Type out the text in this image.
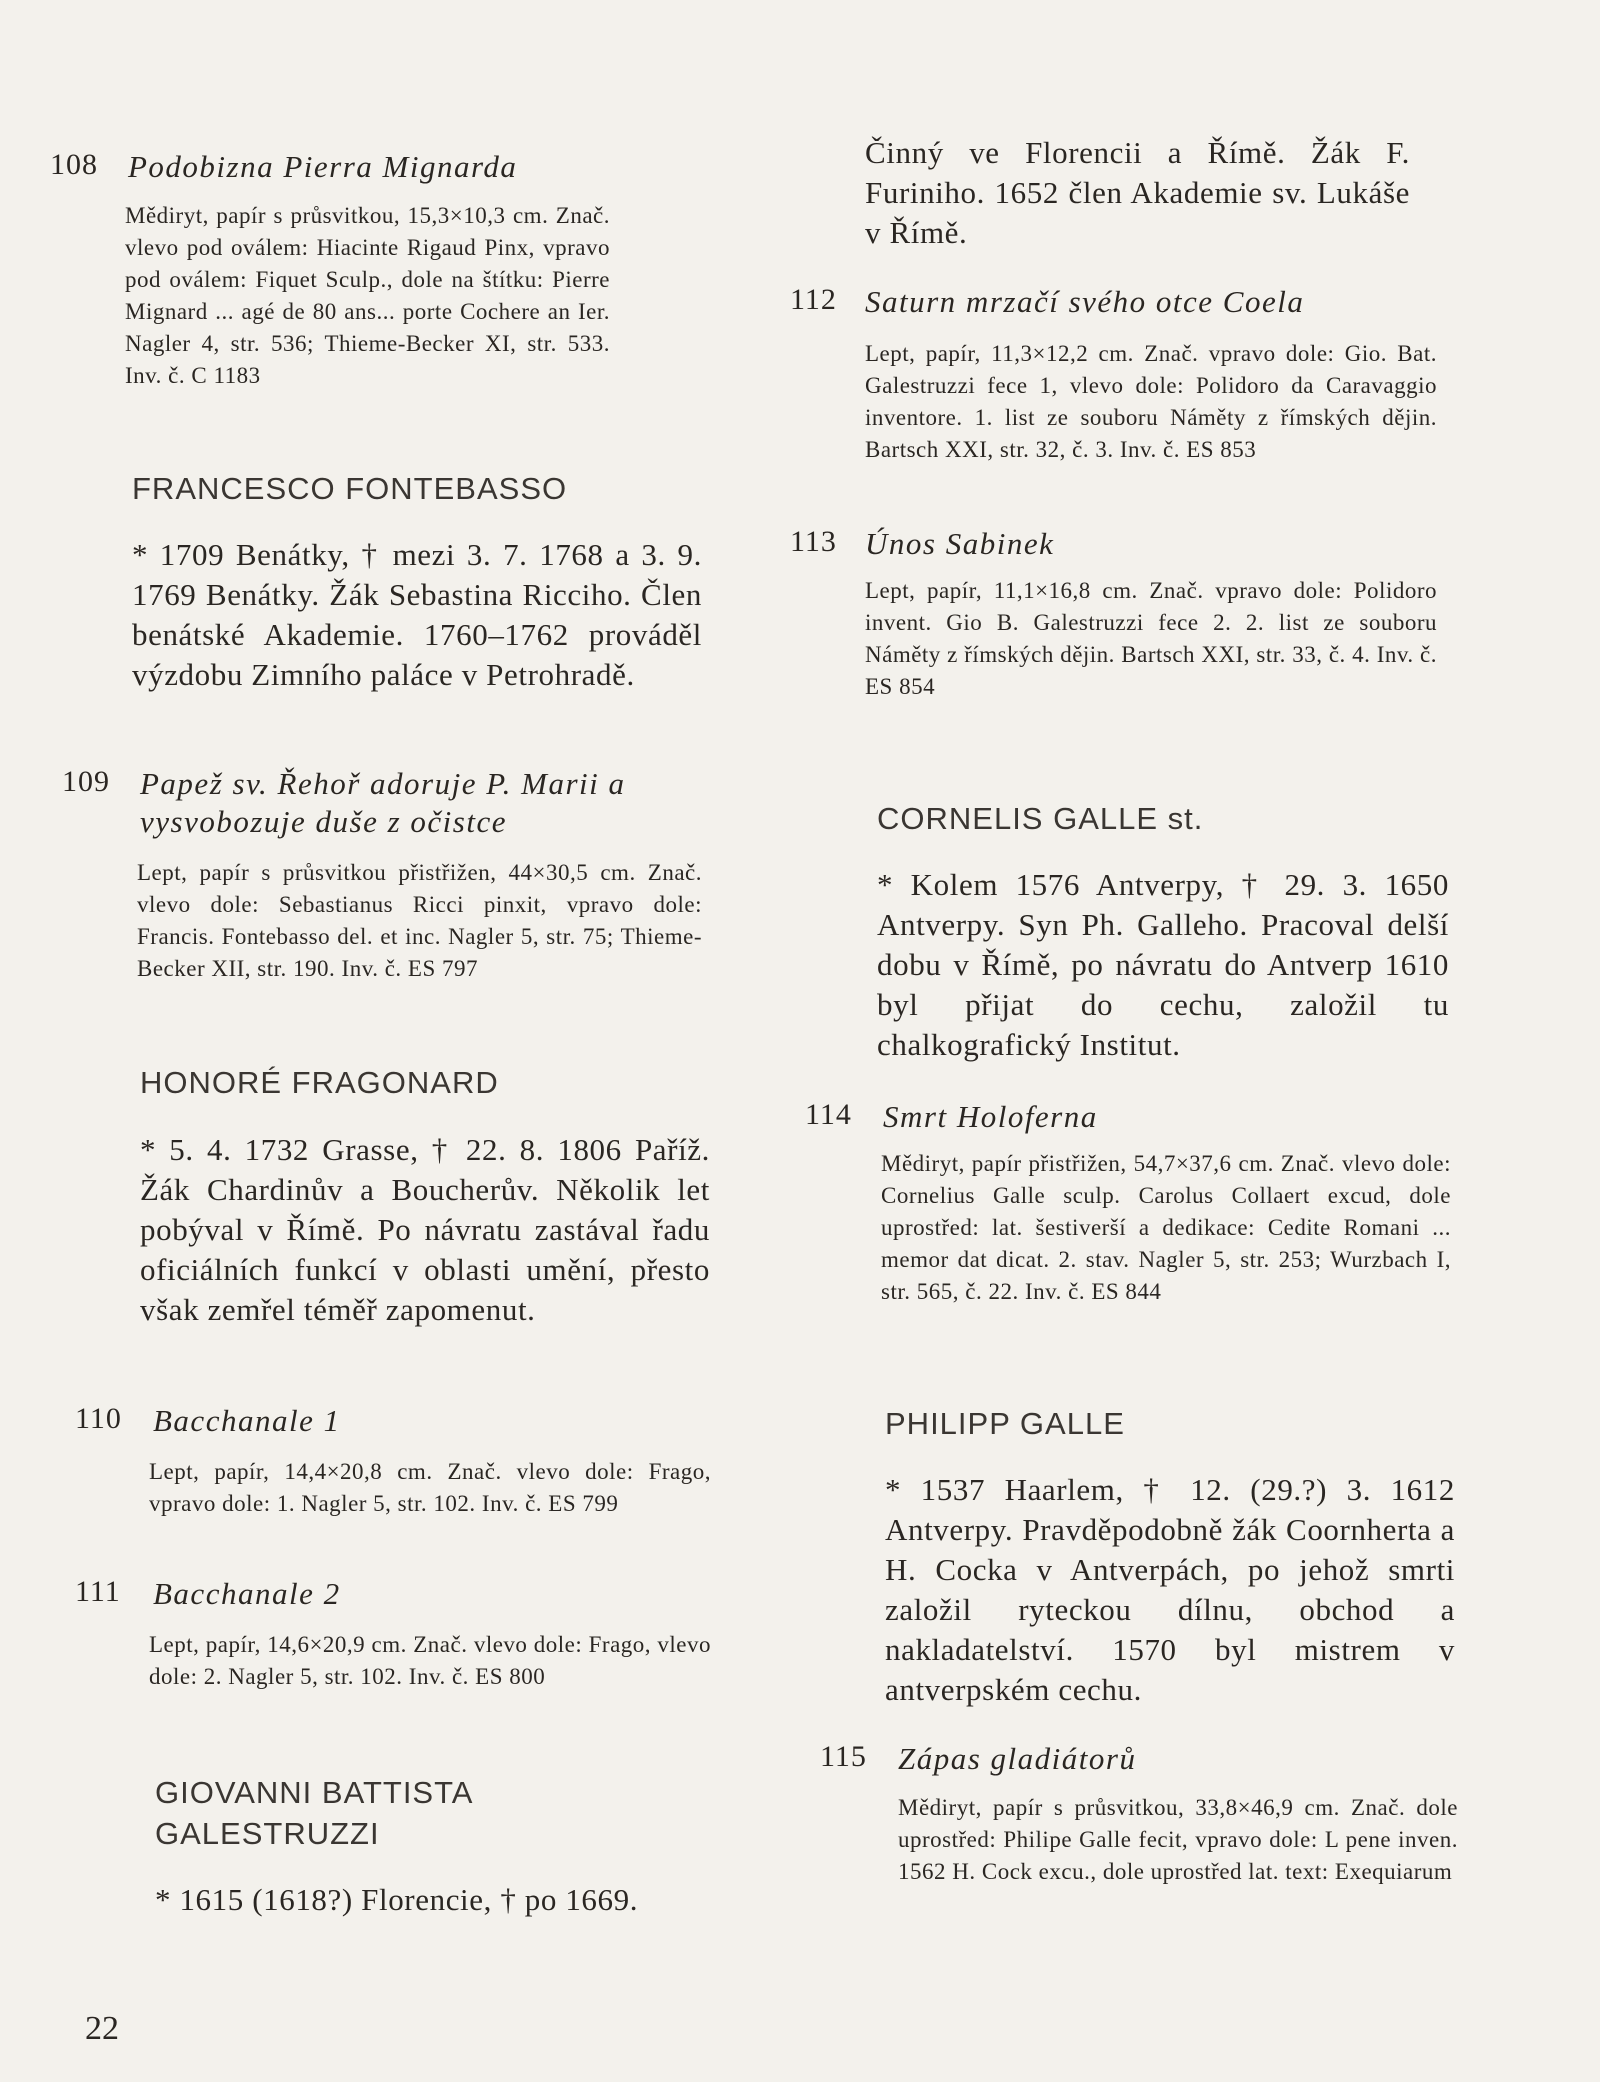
108 Podobizna Pierra Mignarda
Mědiryt, papír s průsvitkou, 15,3×10,3 cm. Znač. vlevo pod oválem: Hiacinte Rigaud Pinx, vpravo pod oválem: Fiquet Sculp., dole na štítku: Pierre Mignard ... agé de 80 ans... porte Cochere an Ier. Nagler 4, str. 536; Thieme-Becker XI, str. 533. Inv. č. C 1183
FRANCESCO FONTEBASSO
* 1709 Benátky, † mezi 3. 7. 1768 a 3. 9. 1769 Benátky. Žák Sebastina Ricciho. Člen benátské Akademie. 1760–1762 prováděl výzdobu Zimního paláce v Petrohradě.
109 Papež sv. Řehoř adoruje P. Marii a vysvobozuje duše z očistce
Lept, papír s průsvitkou přistřižen, 44×30,5 cm. Znač. vlevo dole: Sebastianus Ricci pinxit, vpravo dole: Francis. Fontebasso del. et inc. Nagler 5, str. 75; Thieme-Becker XII, str. 190. Inv. č. ES 797
HONORÉ FRAGONARD
* 5. 4. 1732 Grasse, † 22. 8. 1806 Paříž. Žák Chardinův a Boucherův. Několik let pobýval v Římě. Po návratu zastával řadu oficiálních funkcí v oblasti umění, přesto však zemřel téměř zapomenut.
110 Bacchanale 1
Lept, papír, 14,4×20,8 cm. Znač. vlevo dole: Frago, vpravo dole: 1. Nagler 5, str. 102. Inv. č. ES 799
111 Bacchanale 2
Lept, papír, 14,6×20,9 cm. Znač. vlevo dole: Frago, vlevo dole: 2. Nagler 5, str. 102. Inv. č. ES 800
GIOVANNI BATTISTA GALESTRUZZI
* 1615 (1618?) Florencie, † po 1669.
22
Činný ve Florencii a Římě. Žák F. Furiniho. 1652 člen Akademie sv. Lukáše v Římě.
112 Saturn mrzačí svého otce Coela
Lept, papír, 11,3×12,2 cm. Znač. vpravo dole: Gio. Bat. Galestruzzi fece 1, vlevo dole: Polidoro da Caravaggio inventore. 1. list ze souboru Náměty z římských dějin. Bartsch XXI, str. 32, č. 3. Inv. č. ES 853
113 Únos Sabinek
Lept, papír, 11,1×16,8 cm. Znač. vpravo dole: Polidoro invent. Gio B. Galestruzzi fece 2. 2. list ze souboru Náměty z římských dějin. Bartsch XXI, str. 33, č. 4. Inv. č. ES 854
CORNELIS GALLE st.
* Kolem 1576 Antverpy, † 29. 3. 1650 Antverpy. Syn Ph. Galleho. Pracoval delší dobu v Římě, po návratu do Antverp 1610 byl přijat do cechu, založil tu chalkografický Institut.
114 Smrt Holoferna
Mědiryt, papír přistřižen, 54,7×37,6 cm. Znač. vlevo dole: Cornelius Galle sculp. Carolus Collaert excud, dole uprostřed: lat. šestiverší a dedikace: Cedite Romani ... memor dat dicat. 2. stav. Nagler 5, str. 253; Wurzbach I, str. 565, č. 22. Inv. č. ES 844
PHILIPP GALLE
* 1537 Haarlem, † 12. (29.?) 3. 1612 Antverpy. Pravděpodobně žák Coornherta a H. Cocka v Antverpách, po jehož smrti založil ryteckou dílnu, obchod a nakladatelství. 1570 byl mistrem v antverpském cechu.
115 Zápas gladiátorů
Mědiryt, papír s průsvitkou, 33,8×46,9 cm. Znač. dole uprostřed: Philipe Galle fecit, vpravo dole: L pene inven. 1562 H. Cock excu., dole uprostřed lat. text: Exequiarum
